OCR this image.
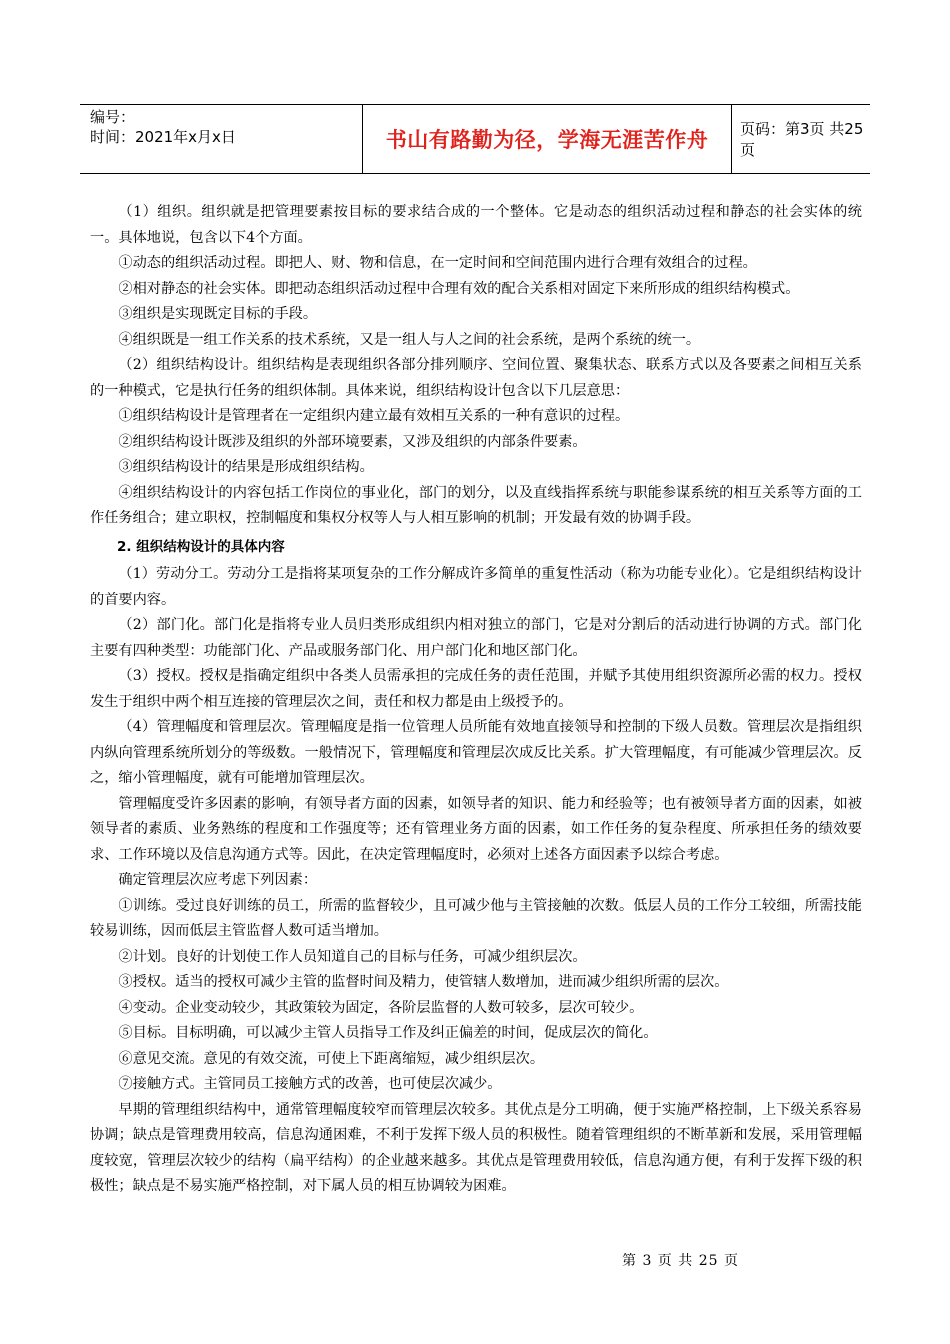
编号：
时间：2021年x月x日	书山有路勤为径，学海无涯苦作舟 页码：第3页 共25页

（1）组织。组织就是把管理要素按目标的要求结合成的一个整体。它是动态的组织活动过程和静态的社会实体的统一。具体地说，包含以下4个方面。

①动态的组织活动过程。即把人、财、物和信息，在一定时间和空间范围内进行合理有效组合的过程。

②相对静态的社会实体。即把动态组织活动过程中合理有效的配合关系相对固定下来所形成的组织结构模式。

③组织是实现既定目标的手段。

④组织既是一组工作关系的技术系统，又是一组人与人之间的社会系统，是两个系统的统一。

（2）组织结构设计。组织结构是表现组织各部分排列顺序、空间位置、聚集状态、联系方式以及各要素之间相互关系的一种模式，它是执行任务的组织体制。具体来说，组织结构设计包含以下几层意思：

①组织结构设计是管理者在一定组织内建立最有效相互关系的一种有意识的过程。

②组织结构设计既涉及组织的外部环境要素，又涉及组织的内部条件要素。

③组织结构设计的结果是形成组织结构。

④组织结构设计的内容包括工作岗位的事业化，部门的划分，以及直线指挥系统与职能参谋系统的相互关系等方面的工作任务组合；建立职权，控制幅度和集权分权等人与人相互影响的机制；开发最有效的协调手段。

2. 组织结构设计的具体内容

（1）劳动分工。劳动分工是指将某项复杂的工作分解成许多简单的重复性活动（称为功能专业化）。它是组织结构设计的首要内容。

（2）部门化。部门化是指将专业人员归类形成组织内相对独立的部门，它是对分割后的活动进行协调的方式。部门化主要有四种类型：功能部门化、产品或服务部门化、用户部门化和地区部门化。

（3）授权。授权是指确定组织中各类人员需承担的完成任务的责任范围，并赋予其使用组织资源所必需的权力。授权发生于组织中两个相互连接的管理层次之间，责任和权力都是由上级授予的。

（4）管理幅度和管理层次。管理幅度是指一位管理人员所能有效地直接领导和控制的下级人员数。管理层次是指组织内纵向管理系统所划分的等级数。一般情况下，管理幅度和管理层次成反比关系。扩大管理幅度，有可能减少管理层次。反之，缩小管理幅度，就有可能增加管理层次。

管理幅度受许多因素的影响，有领导者方面的因素，如领导者的知识、能力和经验等；也有被领导者方面的因素，如被领导者的素质、业务熟练的程度和工作强度等；还有管理业务方面的因素，如工作任务的复杂程度、所承担任务的绩效要求、工作环境以及信息沟通方式等。因此，在决定管理幅度时，必须对上述各方面因素予以综合考虑。

确定管理层次应考虑下列因素：

①训练。受过良好训练的员工，所需的监督较少，且可减少他与主管接触的次数。低层人员的工作分工较细，所需技能较易训练，因而低层主管监督人数可适当增加。

②计划。良好的计划使工作人员知道自己的目标与任务，可减少组织层次。

③授权。适当的授权可减少主管的监督时间及精力，使管辖人数增加，进而减少组织所需的层次。

④变动。企业变动较少，其政策较为固定，各阶层监督的人数可较多，层次可较少。

⑤目标。目标明确，可以减少主管人员指导工作及纠正偏差的时间，促成层次的简化。

⑥意见交流。意见的有效交流，可使上下距离缩短，减少组织层次。

⑦接触方式。主管同员工接触方式的改善，也可使层次减少。

早期的管理组织结构中，通常管理幅度较窄而管理层次较多。其优点是分工明确，便于实施严格控制，上下级关系容易协调；缺点是管理费用较高，信息沟通困难，不利于发挥下级人员的积极性。随着管理组织的不断革新和发展，采用管理幅度较宽，管理层次较少的结构（扁平结构）的企业越来越多。其优点是管理费用较低，信息沟通方便，有利于发挥下级的积极性；缺点是不易实施严格控制，对下属人员的相互协调较为困难。

第 3 页 共 25 页
